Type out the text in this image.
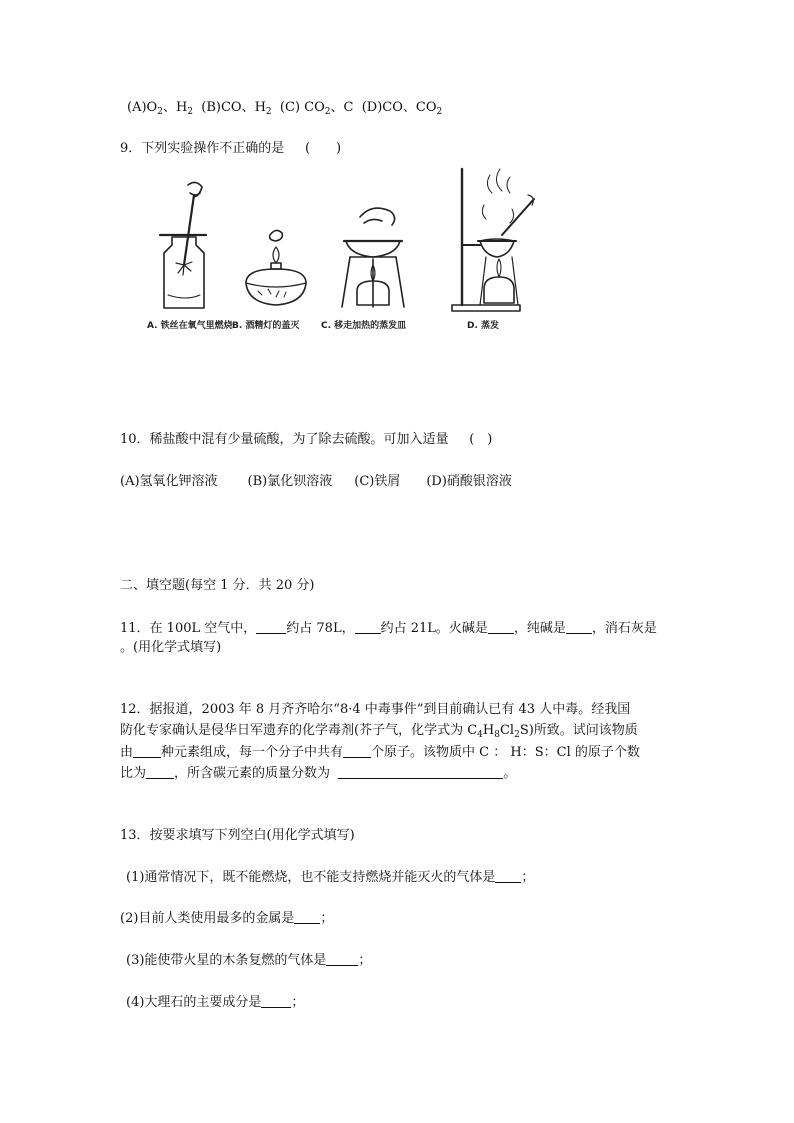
$(A)O_2$、$H_2$ (B)CO、$H_2$ (C) $CO_2$、C (D)CO、$CO_2$
9．下列实验操作不正确的是 (　　)
A. 铁丝在氧气里燃烧 B. 酒精灯的盖灭 C. 移走加热的蒸发皿	D. 蒸发
10．稀盐酸中混有少量硫酸，为了除去硫酸。可加入适量 (　)
(A)氢氧化钾溶液 (B)氯化钡溶液 (C)铁屑 (D)硝酸银溶液
二、填空题(每空 1 分．共 20 分)
11．在 100L 空气中， 约占 78L， 约占 21L。火碱是 ，纯碱是 ，消石灰是
。(用化学式填写)
12．据报道，2003 年 8 月齐齐哈尔“8·4 中毒事件”到目前确认已有 43 人中毒。经我国
防化专家确认是侵华日军遗弃的化学毒剂(芥子气，化学式为 $C_4H_8Cl_2S$)所致。试问该物质
由 种元素组成，每一个分子中共有 个原子。该物质中 C ： H：S：Cl 的原子个数
比为 ，所含碳元素的质量分数为	。
13．按要求填写下列空白(用化学式填写)
(1)通常情况下，既不能燃烧，也不能支持燃烧并能灭火的气体是 ；
(2)目前人类使用最多的金属是 ；
(3)能使带火星的木条复燃的气体是 ；
(4)大理石的主要成分是 ；
